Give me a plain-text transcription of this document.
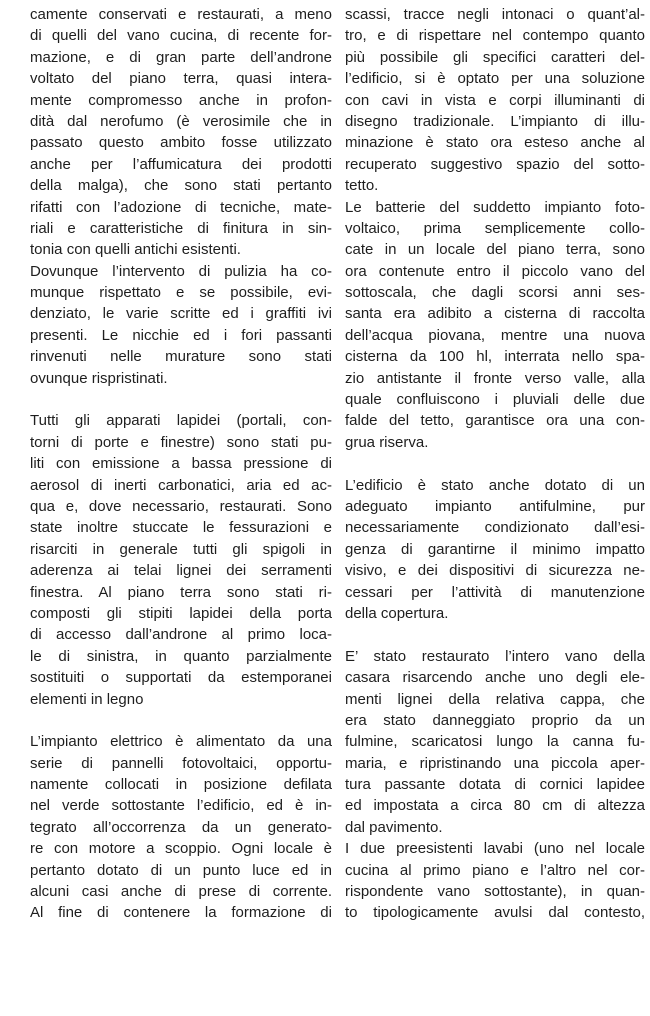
camente conservati e restaurati, a meno
di quelli del vano cucina, di recente for-
mazione, e di gran parte dell’androne
voltato del piano terra, quasi intera-
mente compromesso anche in profon-
dità dal nerofumo (è verosimile che in
passato questo ambito fosse utilizzato
anche per l’affumicatura dei prodotti
della malga), che sono stati pertanto
rifatti con l’adozione di tecniche, mate-
riali e caratteristiche di finitura in sin-
tonia con quelli antichi esistenti.
Dovunque l’intervento di pulizia ha co-
munque rispettato e se possibile, evi-
denziato, le varie scritte ed i graffiti ivi
presenti. Le nicchie ed i fori passanti
rinvenuti nelle murature sono stati
ovunque rispristinati.
Tutti gli apparati lapidei (portali, con-
torni di porte e finestre) sono stati pu-
liti con emissione a bassa pressione di
aerosol di inerti carbonatici, aria ed ac-
qua e, dove necessario, restaurati. Sono
state inoltre stuccate le fessurazioni e
risarciti in generale tutti gli spigoli in
aderenza ai telai lignei dei serramenti
finestra. Al piano terra sono stati ri-
composti gli stipiti lapidei della porta
di accesso dall’androne al primo loca-
le di sinistra, in quanto parzialmente
sostituiti o supportati da estemporanei
elementi in legno
L’impianto elettrico è alimentato da una
serie di pannelli fotovoltaici, opportu-
namente collocati in posizione defilata
nel verde sottostante l’edificio, ed è in-
tegrato all’occorrenza da un generato-
re con motore a scoppio. Ogni locale è
pertanto dotato di un punto luce ed in
alcuni casi anche di prese di corrente.
Al fine di contenere la formazione di
scassi, tracce negli intonaci o quant’al-
tro, e di rispettare nel contempo quanto
più possibile gli specifici caratteri del-
l’edificio, si è optato per una soluzione
con cavi in vista e corpi illuminanti di
disegno tradizionale. L’impianto di illu-
minazione è stato ora esteso anche al
recuperato suggestivo spazio del sotto-
tetto.
Le batterie del suddetto impianto foto-
voltaico, prima semplicemente collo-
cate in un locale del piano terra, sono
ora contenute entro il piccolo vano del
sottoscala, che dagli scorsi anni ses-
santa era adibito a cisterna di raccolta
dell’acqua piovana, mentre una nuova
cisterna da 100 hl, interrata nello spa-
zio antistante il fronte verso valle, alla
quale confluiscono i pluviali delle due
falde del tetto, garantisce ora una con-
grua riserva.
L’edificio è stato anche dotato di un
adeguato impianto antifulmine, pur
necessariamente condizionato dall’esi-
genza di garantirne il minimo impatto
visivo, e dei dispositivi di sicurezza ne-
cessari per l’attività di manutenzione
della copertura.
E’ stato restaurato l’intero vano della
casara risarcendo anche uno degli ele-
menti lignei della relativa cappa, che
era stato danneggiato proprio da un
fulmine, scaricatosi lungo la canna fu-
maria, e ripristinando una piccola aper-
tura passante dotata di cornici lapidee
ed impostata a circa 80 cm di altezza
dal pavimento.
I due preesistenti lavabi (uno nel locale
cucina al primo piano e l’altro nel cor-
rispondente vano sottostante), in quan-
to tipologicamente avulsi dal contesto,
